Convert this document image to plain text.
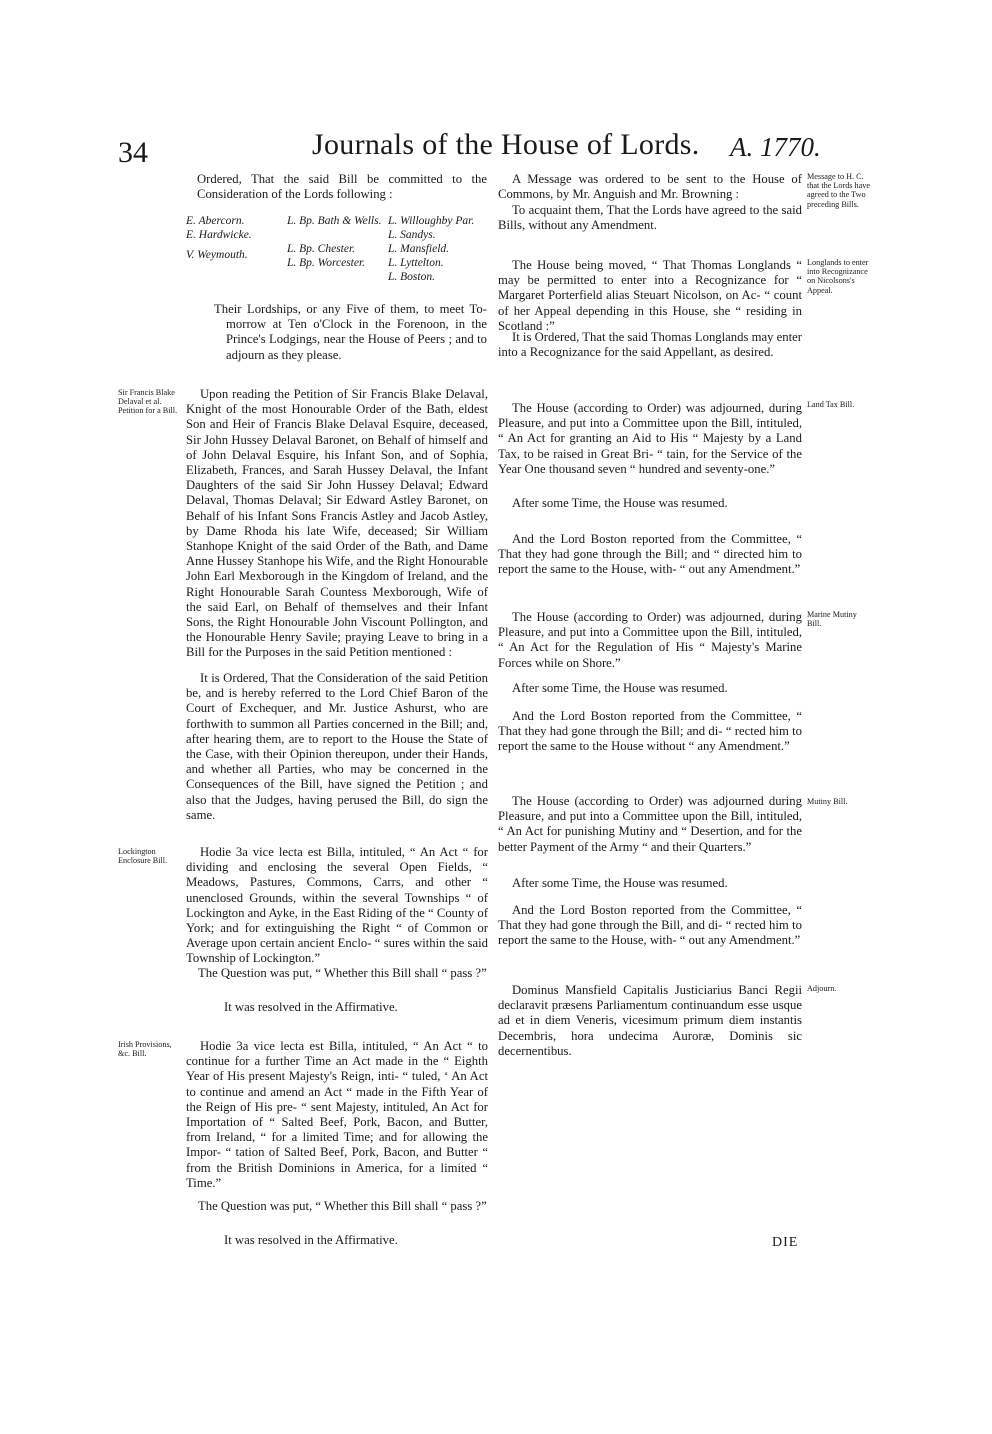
34	Journals of the House of Lords. A. 1770.
Ordered, That the said Bill be committed to the Consideration of the Lords following :
E. Abercorn.
E. Hardwicke.
V. Weymouth.
L. Bp. Bath & Wells.
L. Bp. Chester.
L. Bp. Worcester.
L. Willoughby Par.
L. Sandys.
L. Mansfield.
L. Lyttelton.
L. Boston.
Their Lordships, or any Five of them, to meet To-morrow at Ten o'Clock in the Forenoon, in the Prince's Lodgings, near the House of Peers ; and to adjourn as they please.
Sir Francis Blake Delaval et al. Petition for a Bill.
Upon reading the Petition of Sir Francis Blake Delaval, Knight of the most Honourable Order of the Bath, eldest Son and Heir of Francis Blake Delaval Esquire, deceased, Sir John Hussey Delaval Baronet, on Behalf of himself and of John Delaval Esquire, his Infant Son, and of Sophia, Elizabeth, Frances, and Sarah Hussey Delaval, the Infant Daughters of the said Sir John Hussey Delaval; Edward Delaval, Thomas Delaval; Sir Edward Astley Baronet, on Behalf of his Infant Sons Francis Astley and Jacob Astley, by Dame Rhoda his late Wife, deceased; Sir William Stanhope Knight of the said Order of the Bath, and Dame Anne Hussey Stanhope his Wife, and the Right Honourable John Earl Mexborough in the Kingdom of Ireland, and the Right Honourable Sarah Countess Mexborough, Wife of the said Earl, on Behalf of themselves and their Infant Sons, the Right Honourable John Viscount Pollington, and the Honourable Henry Savile; praying Leave to bring in a Bill for the Purposes in the said Petition mentioned :
It is Ordered, That the Consideration of the said Petition be, and is hereby referred to the Lord Chief Baron of the Court of Exchequer, and Mr. Justice Ashurst, who are forthwith to summon all Parties concerned in the Bill; and, after hearing them, are to report to the House the State of the Case, with their Opinion thereupon, under their Hands, and whether all Parties, who may be concerned in the Consequences of the Bill, have signed the Petition ; and also that the Judges, having perused the Bill, do sign the same.
Lockington Enclosure Bill.
Hodie 3a vice lecta est Billa, intituled, “ An Act “ for dividing and enclosing the several Open Fields, “ Meadows, Pastures, Commons, Carrs, and other “ unenclosed Grounds, within the several Townships “ of Lockington and Ayke, in the East Riding of the “ County of York; and for extinguishing the Right “ of Common or Average upon certain ancient Enclo- “ sures within the said Township of Lockington.”
The Question was put, “ Whether this Bill shall “ pass ?”
It was resolved in the Affirmative.
Irish Provisions, &c. Bill.
Hodie 3a vice lecta est Billa, intituled, “ An Act “ to continue for a further Time an Act made in the “ Eighth Year of His present Majesty's Reign, inti- “ tuled, ‘ An Act to continue and amend an Act “ made in the Fifth Year of the Reign of His pre- “ sent Majesty, intituled, An Act for Importation of “ Salted Beef, Pork, Bacon, and Butter, from Ireland, “ for a limited Time; and for allowing the Impor- “ tation of Salted Beef, Pork, Bacon, and Butter “ from the British Dominions in America, for a limited “ Time.”
The Question was put, “ Whether this Bill shall “ pass ?”
It was resolved in the Affirmative.
A Message was ordered to be sent to the House of Commons, by Mr. Anguish and Mr. Browning :
Message to H. C. that the Lords have agreed to the Two preceding Bills.
To acquaint them, That the Lords have agreed to the said Bills, without any Amendment.
Longlands to enter into Recognizance on Nicolsons's Appeal.
The House being moved, “ That Thomas Longlands “ may be permitted to enter into a Recognizance for “ Margaret Porterfield alias Steuart Nicolson, on Ac- “ count of her Appeal depending in this House, she “ residing in Scotland :”
It is Ordered, That the said Thomas Longlands may enter into a Recognizance for the said Appellant, as desired.
Land Tax Bill.
The House (according to Order) was adjourned, during Pleasure, and put into a Committee upon the Bill, intituled, “ An Act for granting an Aid to His “ Majesty by a Land Tax, to be raised in Great Bri- “ tain, for the Service of the Year One thousand seven “ hundred and seventy-one.”
After some Time, the House was resumed.
And the Lord Boston reported from the Committee, “ That they had gone through the Bill; and “ directed him to report the same to the House, with- “ out any Amendment.”
Marine Mutiny Bill.
The House (according to Order) was adjourned, during Pleasure, and put into a Committee upon the Bill, intituled, “ An Act for the Regulation of His “ Majesty's Marine Forces while on Shore.”
After some Time, the House was resumed.
And the Lord Boston reported from the Committee, “ That they had gone through the Bill; and di- “ rected him to report the same to the House without “ any Amendment.”
Mutiny Bill.
The House (according to Order) was adjourned during Pleasure, and put into a Committee upon the Bill, intituled, “ An Act for punishing Mutiny and “ Desertion, and for the better Payment of the Army “ and their Quarters.”
After some Time, the House was resumed.
And the Lord Boston reported from the Committee, “ That they had gone through the Bill, and di- “ rected him to report the same to the House, with- “ out any Amendment.”
Adjourn.
Dominus Mansfield Capitalis Justiciarius Banci Regii declaravit præsens Parliamentum continuandum esse usque ad et in diem Veneris, vicesimum primum diem instantis Decembris, hora undecima Auroræ, Dominis sic decernentibus.
DIE
